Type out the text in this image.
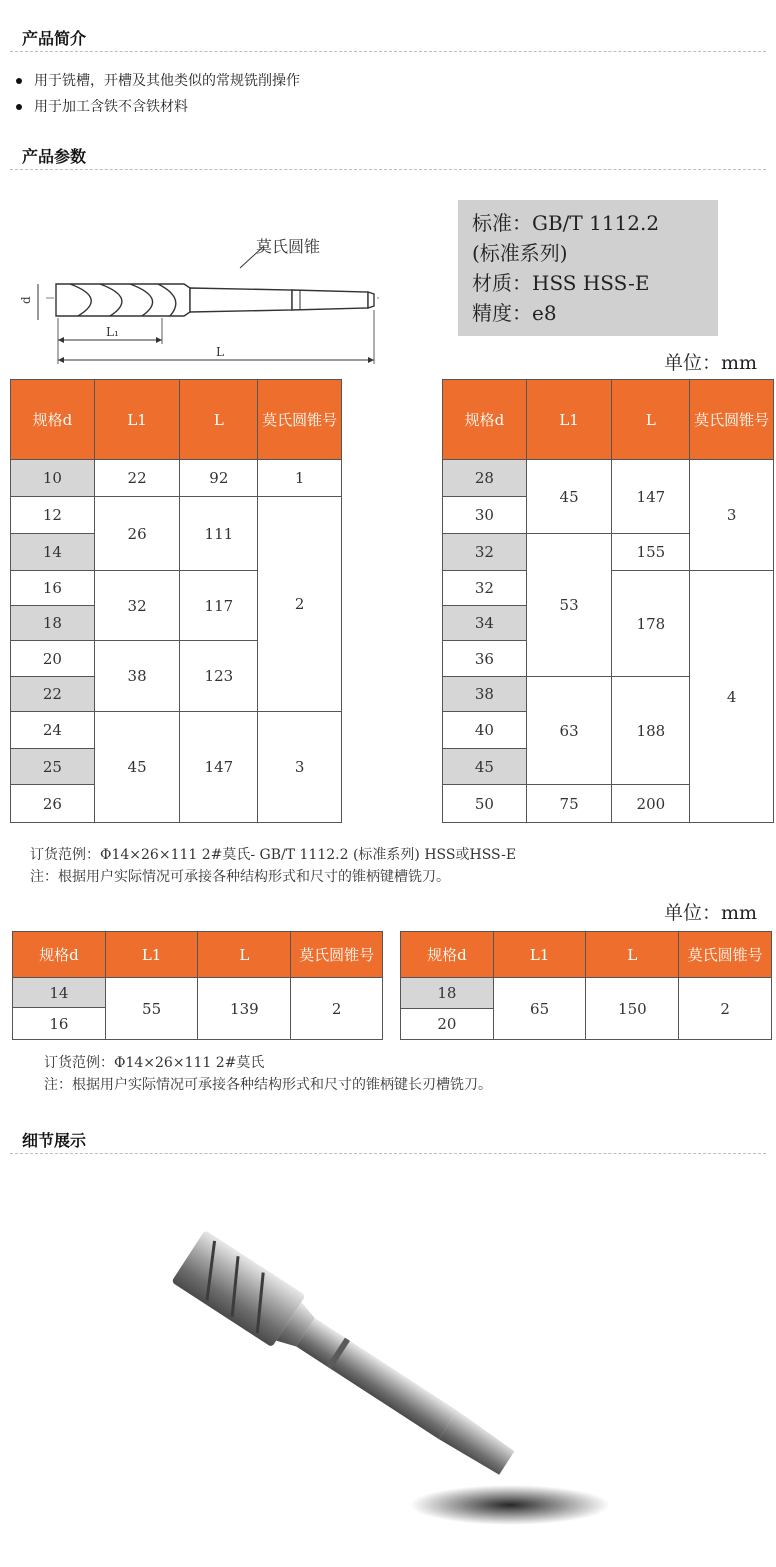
产品简介
用于铣槽，开槽及其他类似的常规铣削操作
用于加工含铁不含铁材料
产品参数
莫氏圆锥
d
L₁
L
标准：GB/T 1112.2
(标准系列)
材质：HSS HSS-E
精度：e8
单位：mm
规格d	L1	L	莫氏圆锥号
10	22	92	1
12	26	111	2
14			
16	32	117	
18			
20	38	123	
22			
24	45	147	3
25			
26			
规格d	L1	L	莫氏圆锥号
28	45	147	3
30			
32	53	155	
32		178	4
34			
36			
38	63	188	
40			
45			
50	75	200	
订货范例：Φ14×26×111 2#莫氏- GB/T 1112.2 (标准系列) HSS或HSS-E
注：根据用户实际情况可承接各种结构形式和尺寸的锥柄键槽铣刀。
单位：mm
规格d	L1	L	莫氏圆锥号
14	55	139	2
16			
规格d	L1	L	莫氏圆锥号
18	65	150	2
20			
订货范例：Φ14×26×111 2#莫氏
注：根据用户实际情况可承接各种结构形式和尺寸的锥柄键长刃槽铣刀。
细节展示
